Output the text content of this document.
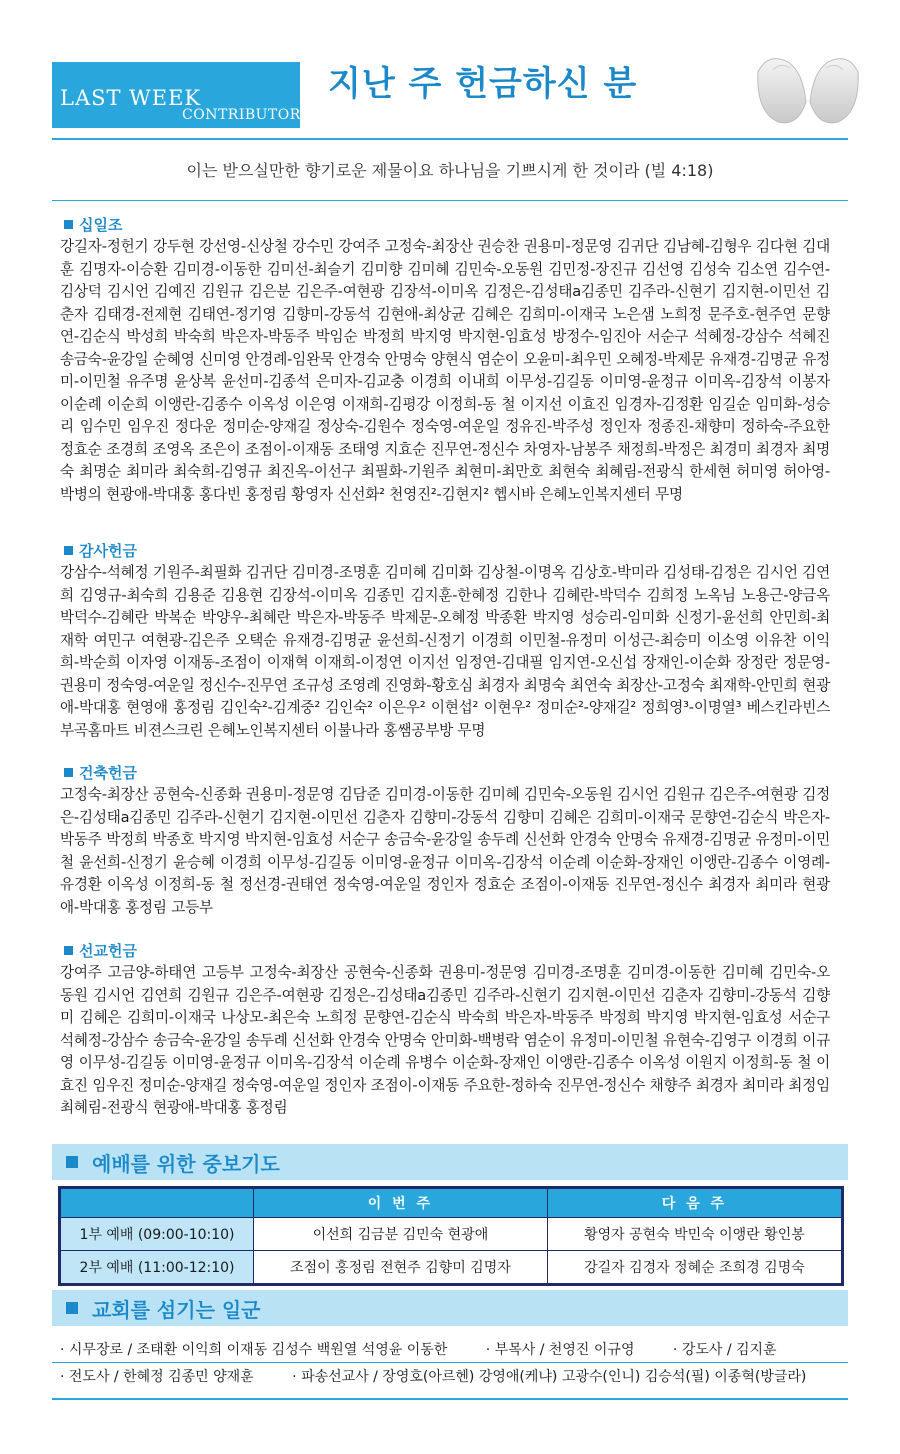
LAST WEEK
CONTRIBUTORS
지난 주 헌금하신 분
이는 받으실만한 향기로운 제물이요 하나님을 기쁘시게 한 것이라 (빌 4:18)
십일조
강길자-정헌기 강두현 강선영-신상철 강수민 강여주 고정숙-최장산 권승찬 권용미-정문영 김귀단 김남혜-김형우 김다현 김대훈 김명자-이승환 김미경-이동한 김미선-최슬기 김미향 김미혜 김민숙-오동원 김민정-장진규 김선영 김성숙 김소연 김수연-김상덕 김시언 김예진 김원규 김은분 김은주-여현광 김장석-이미옥 김정은-김성태a김종민 김주라-신현기 김지현-이민선 김춘자 김태경-전제현 김태연-정기영 김향미-강동석 김현애-최상균 김혜은 김희미-이재국 노은샘 노희정 문주호-현주연 문향연-김순식 박성희 박숙희 박은자-박동주 박임순 박정희 박지영 박지현-임효성 방정수-임진아 서순구 석혜정-강삼수 석혜진 송금숙-윤강일 순혜영 신미영 안경례-임완묵 안경숙 안명숙 양현식 염순이 오윤미-최우민 오혜정-박제문 유재경-김명균 유정미-이민철 유주명 윤상복 윤선미-김종석 은미자-김교충 이경희 이내희 이무성-김길동 이미영-윤정규 이미옥-김장석 이봉자 이순례 이순희 이앵란-김종수 이옥성 이은영 이재희-김평강 이정희-동 철 이지선 이효진 임경자-김정환 임길순 임미화-성승리 임수민 임우진 정다운 정미순-양재길 정상숙-김원수 정숙영-여운일 정유진-박주성 정인자 정종진-채향미 정하숙-주요한 정효순 조경희 조영옥 조은이 조점이-이재동 조태영 지효순 진무연-정신수 차영자-남봉주 채정희-박정은 최경미 최경자 최명숙 최명순 최미라 최숙희-김영규 최진옥-이선구 최필화-기원주 최현미-최만호 최현숙 최혜림-전광식 한세현 허미영 허아영-박병의 현광애-박대홍 홍다빈 홍정림 황영자 신선화² 천영진²-김현지² 헵시바 은혜노인복지센터 무명
감사헌금
강삼수-석혜정 기원주-최필화 김귀단 김미경-조명훈 김미혜 김미화 김상철-이명옥 김상호-박미라 김성태-김정은 김시언 김연희 김영규-최숙희 김용준 김용현 김장석-이미옥 김종민 김지훈-한혜정 김한나 김혜란-박덕수 김희정 노옥님 노용근-양금옥 박덕수-김혜란 박복순 박양우-최혜란 박은자-박동주 박제문-오혜정 박종환 박지영 성승리-임미화 신정기-윤선희 안민희-최재학 여민구 여현광-김은주 오택순 유재경-김명균 윤선희-신정기 이경희 이민철-유정미 이성근-최승미 이소영 이유찬 이익희-박순희 이자영 이재동-조점이 이재혁 이재희-이정연 이지선 임정연-김대필 임지연-오신섭 장재인-이순화 장정란 정문영-권용미 정숙영-여운일 정신수-진무연 조규성 조영례 진영화-황호심 최경자 최명숙 최연숙 최장산-고정숙 최재학-안민희 현광애-박대홍 현영애 홍정림 김인숙²-김계중² 김인숙² 이은우² 이현섭² 이현우² 정미순²-양재길² 정희영³-이명열³ 베스킨라빈스 부곡홈마트 비젼스크린 은혜노인복지센터 이불나라 홍쌤공부방 무명
건축헌금
고정숙-최장산 공현숙-신종화 권용미-정문영 김담준 김미경-이동한 김미혜 김민숙-오동원 김시언 김원규 김은주-여현광 김정은-김성태a김종민 김주라-신현기 김지현-이민선 김춘자 김향미-강동석 김향미 김혜은 김희미-이재국 문향연-김순식 박은자-박동주 박정희 박종호 박지영 박지현-임효성 서순구 송금숙-윤강일 송두례 신선화 안경숙 안명숙 유재경-김명균 유정미-이민철 윤선희-신정기 윤승혜 이경희 이무성-김길동 이미영-윤정규 이미옥-김장석 이순례 이순화-장재인 이앵란-김종수 이영례-유경환 이옥성 이정희-동 철 정선경-권태연 정숙영-여운일 정인자 정효순 조점이-이재동 진무연-정신수 최경자 최미라 현광애-박대홍 홍정림 고등부
선교헌금
강여주 고금양-하태연 고등부 고정숙-최장산 공현숙-신종화 권용미-정문영 김미경-조명훈 김미경-이동한 김미혜 김민숙-오동원 김시언 김연희 김원규 김은주-여현광 김정은-김성태a김종민 김주라-신현기 김지현-이민선 김춘자 김향미-강동석 김향미 김혜은 김희미-이재국 나상모-최은숙 노희정 문향연-김순식 박숙희 박은자-박동주 박정희 박지영 박지현-임효성 서순구 석혜정-강삼수 송금숙-윤강일 송두례 신선화 안경숙 안명숙 안미화-백병락 염순이 유정미-이민철 유현숙-김영구 이경희 이규영 이무성-김길동 이미영-윤정규 이미옥-김장석 이순례 유병수 이순화-장재인 이앵란-김종수 이옥성 이원지 이정희-동 철 이효진 임우진 정미순-양재길 정숙영-여운일 정인자 조점이-이재동 주요한-정하숙 진무연-정신수 채향주 최경자 최미라 최정임 최혜림-전광식 현광애-박대홍 홍정림
예배를 위한 중보기도
	이 번 주	다 음 주
1부 예배 (09:00-10:10)	이선희 김금분 김민숙 현광애	황영자 공현숙 박민숙 이앵란 황인봉
2부 예배 (11:00-12:10)	조점이 홍정림 전현주 김향미 김명자	강길자 김경자 정혜순 조희경 김명숙
교회를 섬기는 일군
· 시무장로 / 조태환 이익희 이재동 김성수 백원열 석영윤 이동한	· 부목사 / 천영진 이규영	· 강도사 / 김지훈
· 전도사 / 한혜정 김종민 양재훈	· 파송선교사 / 장영호(아르헨) 강영애(케냐) 고광수(인니) 김승석(필) 이종혁(방글라)
